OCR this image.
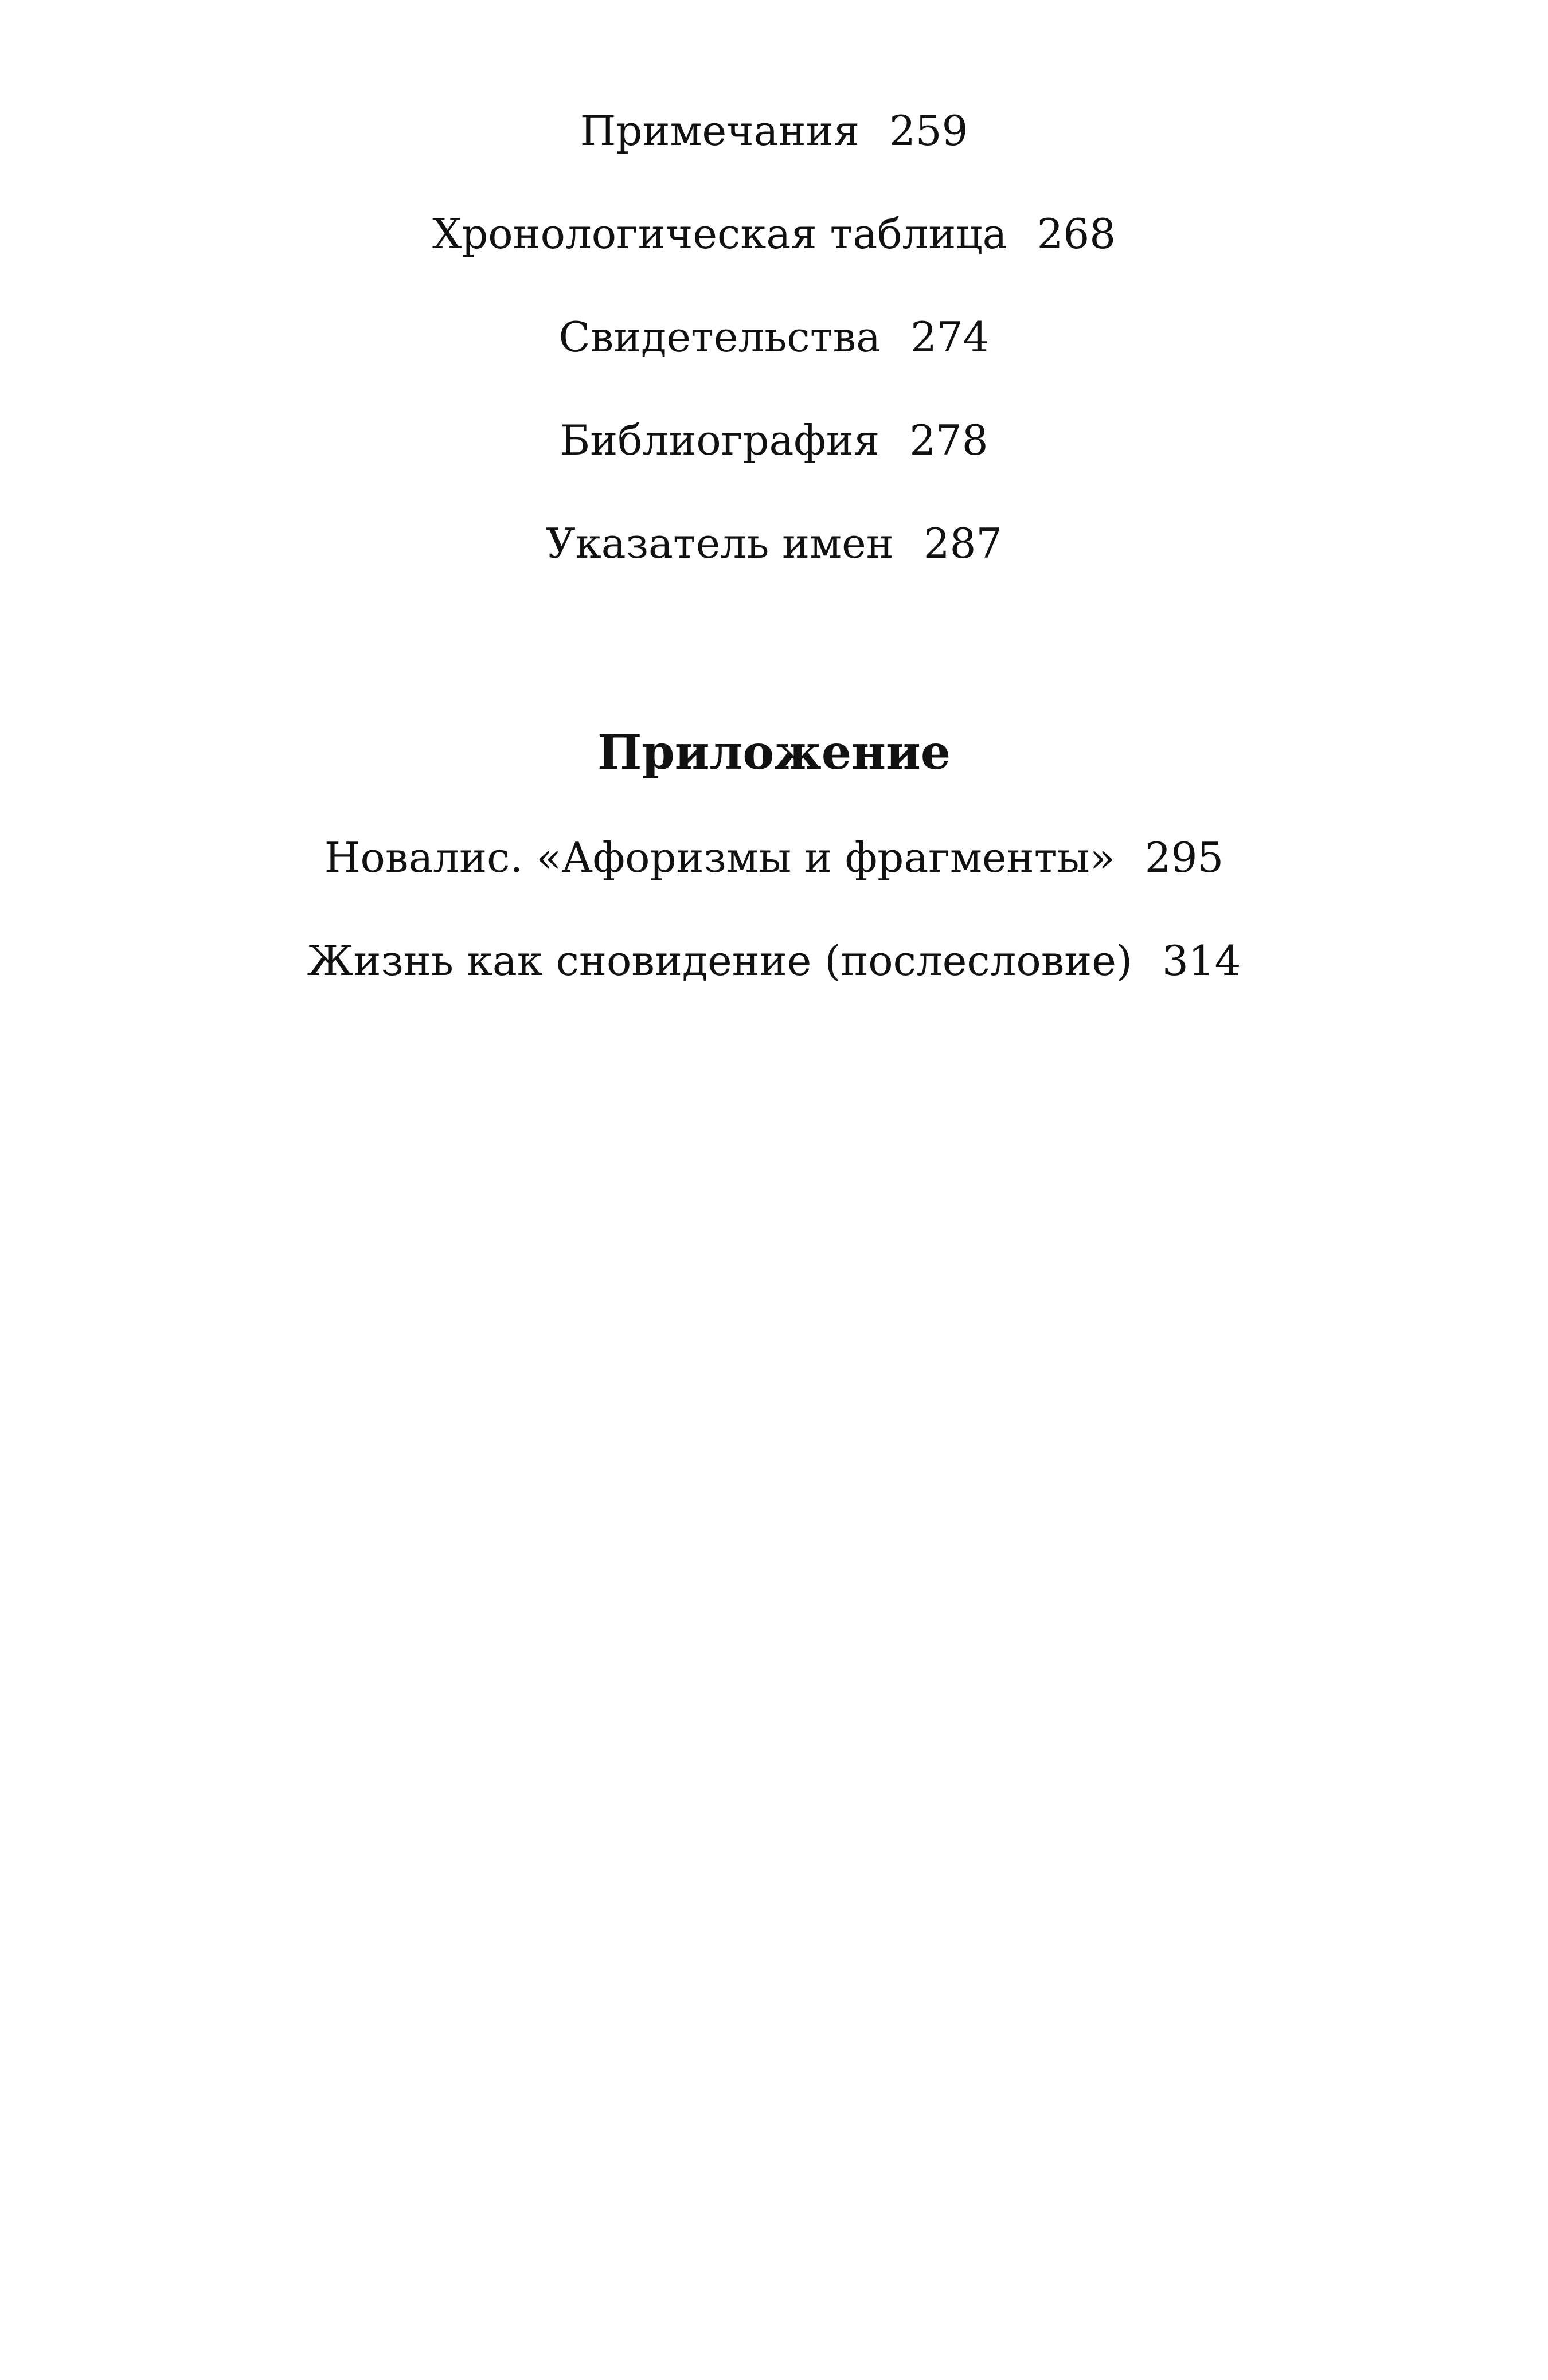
Примечания 259
Хронологическая таблица 268
Свидетельства 274
Библиография 278
Указатель имен 287
Приложение
Новалис. «Афоризмы и фрагменты» 295
Жизнь как сновидение (послесловие) 314
